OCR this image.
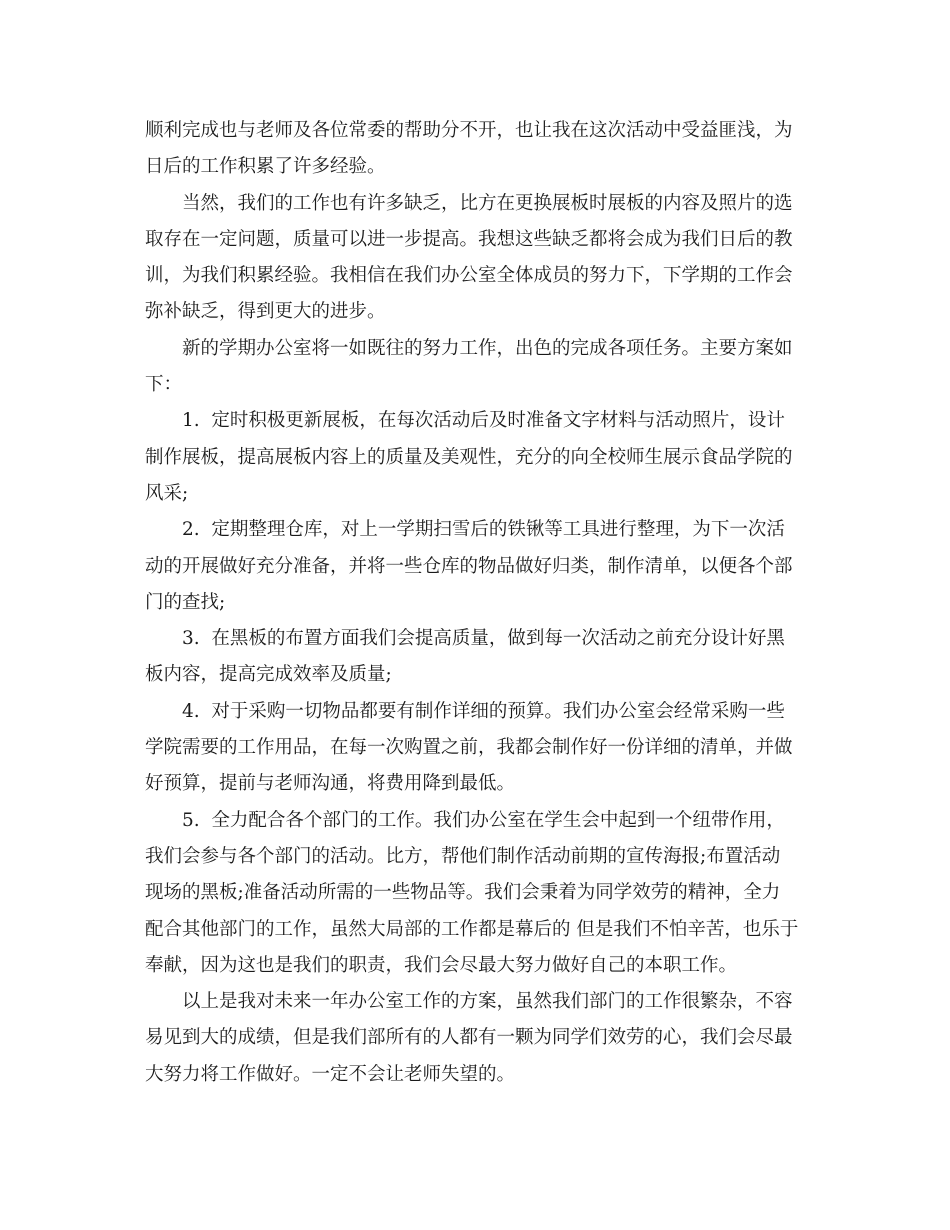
顺利完成也与老师及各位常委的帮助分不开，也让我在这次活动中受益匪浅，为
日后的工作积累了许多经验。

当然，我们的工作也有许多缺乏，比方在更换展板时展板的内容及照片的选
取存在一定问题，质量可以进一步提高。我想这些缺乏都将会成为我们日后的教
训，为我们积累经验。我相信在我们办公室全体成员的努力下，下学期的工作会
弥补缺乏，得到更大的进步。

新的学期办公室将一如既往的努力工作，出色的完成各项任务。主要方案如
下：

1.  定时积极更新展板，在每次活动后及时准备文字材料与活动照片，设计
制作展板，提高展板内容上的质量及美观性，充分的向全校师生展示食品学院的
风采;

2.  定期整理仓库，对上一学期扫雪后的铁锹等工具进行整理，为下一次活
动的开展做好充分准备，并将一些仓库的物品做好归类，制作清单，以便各个部
门的查找;

3.  在黑板的布置方面我们会提高质量，做到每一次活动之前充分设计好黑
板内容，提高完成效率及质量;

4.  对于采购一切物品都要有制作详细的预算。我们办公室会经常采购一些
学院需要的工作用品，在每一次购置之前，我都会制作好一份详细的清单，并做
好预算，提前与老师沟通，将费用降到最低。

5.  全力配合各个部门的工作。我们办公室在学生会中起到一个纽带作用，
我们会参与各个部门的活动。比方，帮他们制作活动前期的宣传海报;布置活动
现场的黑板;准备活动所需的一些物品等。我们会秉着为同学效劳的精神，全力
配合其他部门的工作，虽然大局部的工作都是幕后的 但是我们不怕辛苦，也乐于
奉献，因为这也是我们的职责，我们会尽最大努力做好自己的本职工作。

以上是我对未来一年办公室工作的方案，虽然我们部门的工作很繁杂，不容
易见到大的成绩，但是我们部所有的人都有一颗为同学们效劳的心，我们会尽最
大努力将工作做好。一定不会让老师失望的。
